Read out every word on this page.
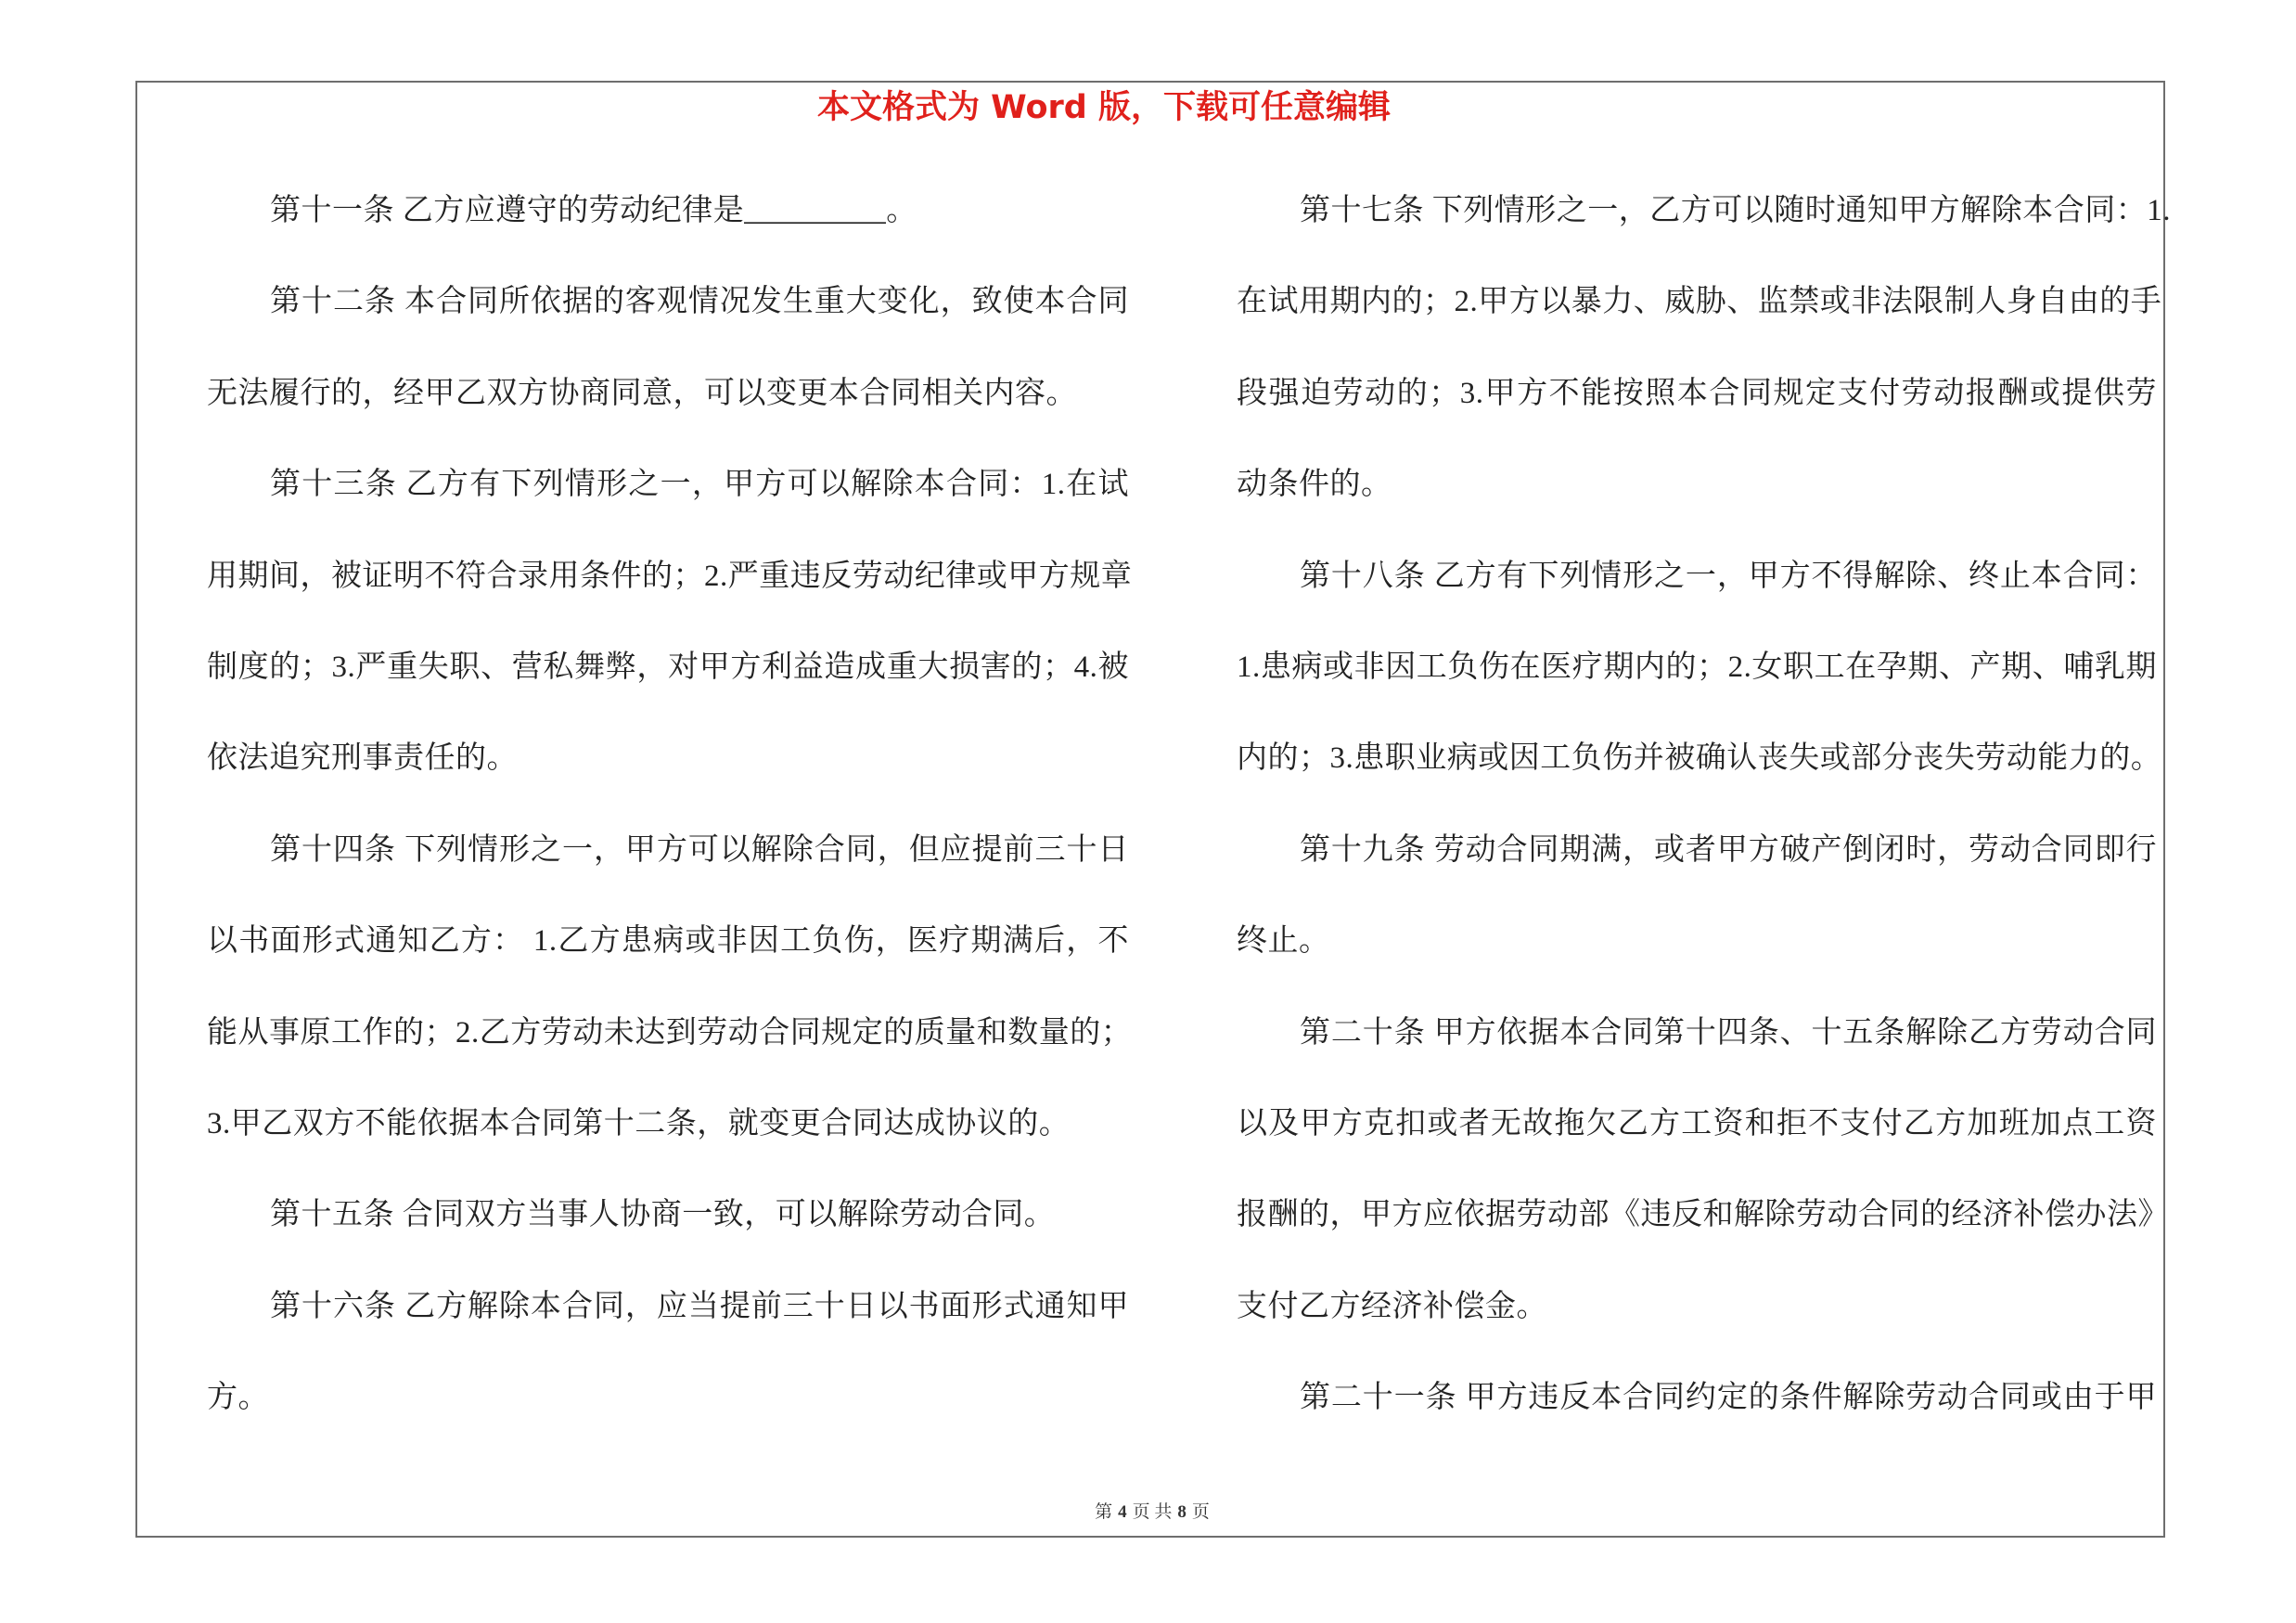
本文格式为 Word 版，下载可任意编辑
第十一条 乙方应遵守的劳动纪律是_________。
第十二条 本合同所依据的客观情况发生重大变化，致使本合同
无法履行的，经甲乙双方协商同意，可以变更本合同相关内容。
第十三条 乙方有下列情形之一，甲方可以解除本合同：1.在试
用期间，被证明不符合录用条件的；2.严重违反劳动纪律或甲方规章
制度的；3.严重失职、营私舞弊，对甲方利益造成重大损害的；4.被
依法追究刑事责任的。
第十四条 下列情形之一，甲方可以解除合同，但应提前三十日
以书面形式通知乙方： 1.乙方患病或非因工负伤，医疗期满后，不
能从事原工作的；2.乙方劳动未达到劳动合同规定的质量和数量的；
3.甲乙双方不能依据本合同第十二条，就变更合同达成协议的。
第十五条 合同双方当事人协商一致，可以解除劳动合同。
第十六条 乙方解除本合同，应当提前三十日以书面形式通知甲
方。
第十七条 下列情形之一，乙方可以随时通知甲方解除本合同：1.
在试用期内的；2.甲方以暴力、威胁、监禁或非法限制人身自由的手
段强迫劳动的；3.甲方不能按照本合同规定支付劳动报酬或提供劳
动条件的。
第十八条 乙方有下列情形之一，甲方不得解除、终止本合同：
1.患病或非因工负伤在医疗期内的；2.女职工在孕期、产期、哺乳期
内的；3.患职业病或因工负伤并被确认丧失或部分丧失劳动能力的。
第十九条 劳动合同期满，或者甲方破产倒闭时，劳动合同即行
终止。
第二十条 甲方依据本合同第十四条、十五条解除乙方劳动合同
以及甲方克扣或者无故拖欠乙方工资和拒不支付乙方加班加点工资
报酬的，甲方应依据劳动部《违反和解除劳动合同的经济补偿办法》
支付乙方经济补偿金。
第二十一条 甲方违反本合同约定的条件解除劳动合同或由于甲
第 4 页 共 8 页
